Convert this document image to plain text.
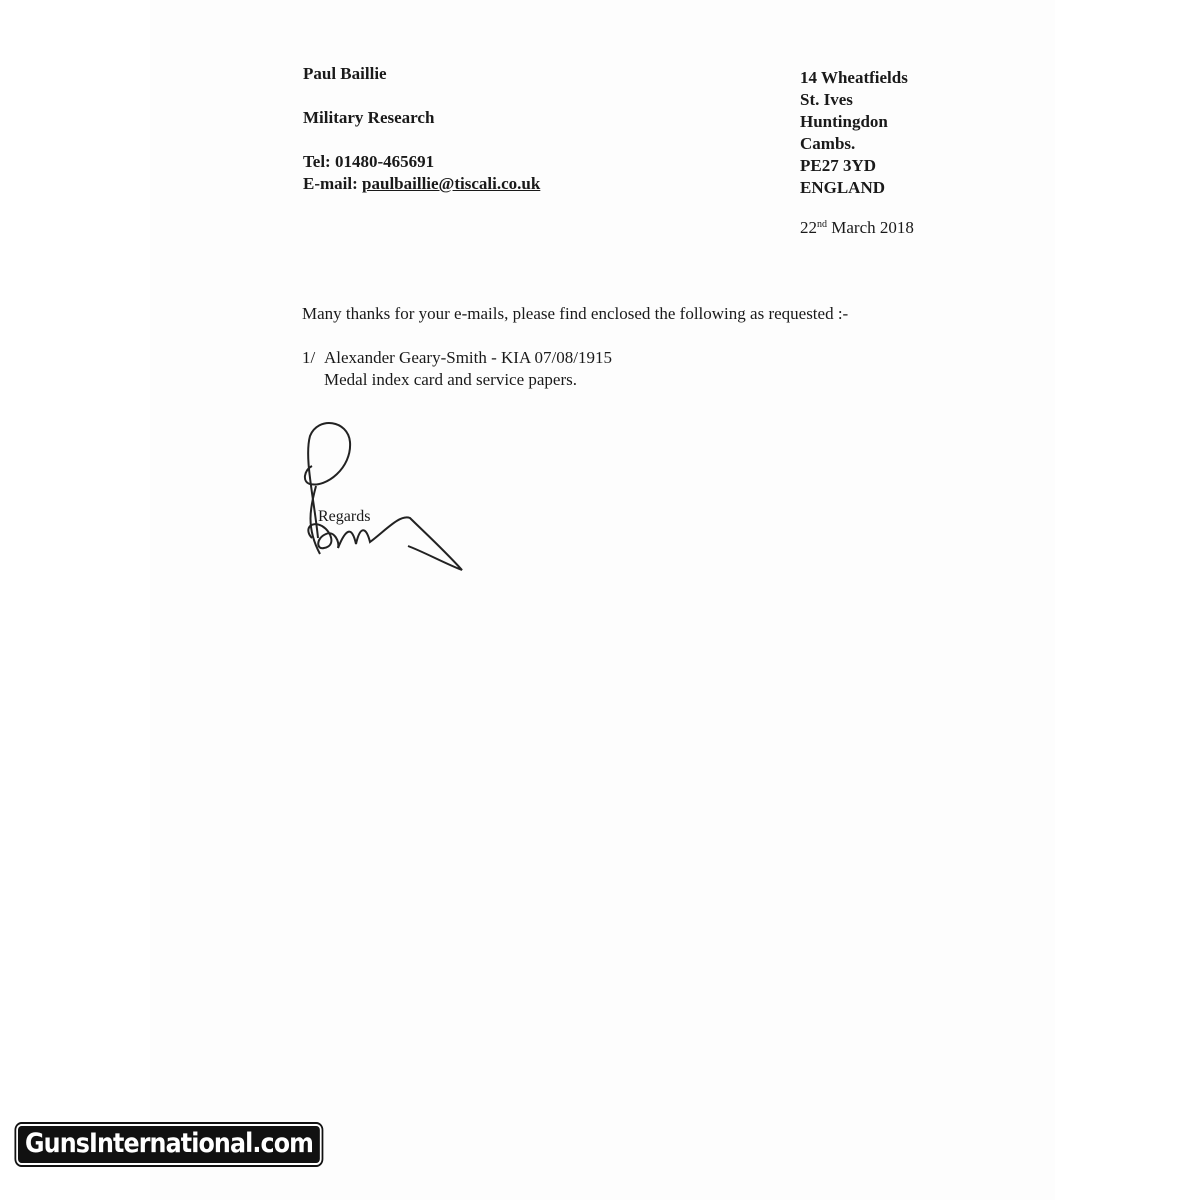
Paul Baillie
Military Research
Tel: 01480-465691
E-mail: paulbaillie@tiscali.co.uk
14 Wheatfields
St. Ives
Huntingdon
Cambs.
PE27 3YD
ENGLAND
22nd March 2018
Many thanks for your e-mails, please find enclosed the following as requested :-
1/ Alexander Geary-Smith - KIA 07/08/1915
Medal index card and service papers.
Regards
GunsInternational.com
